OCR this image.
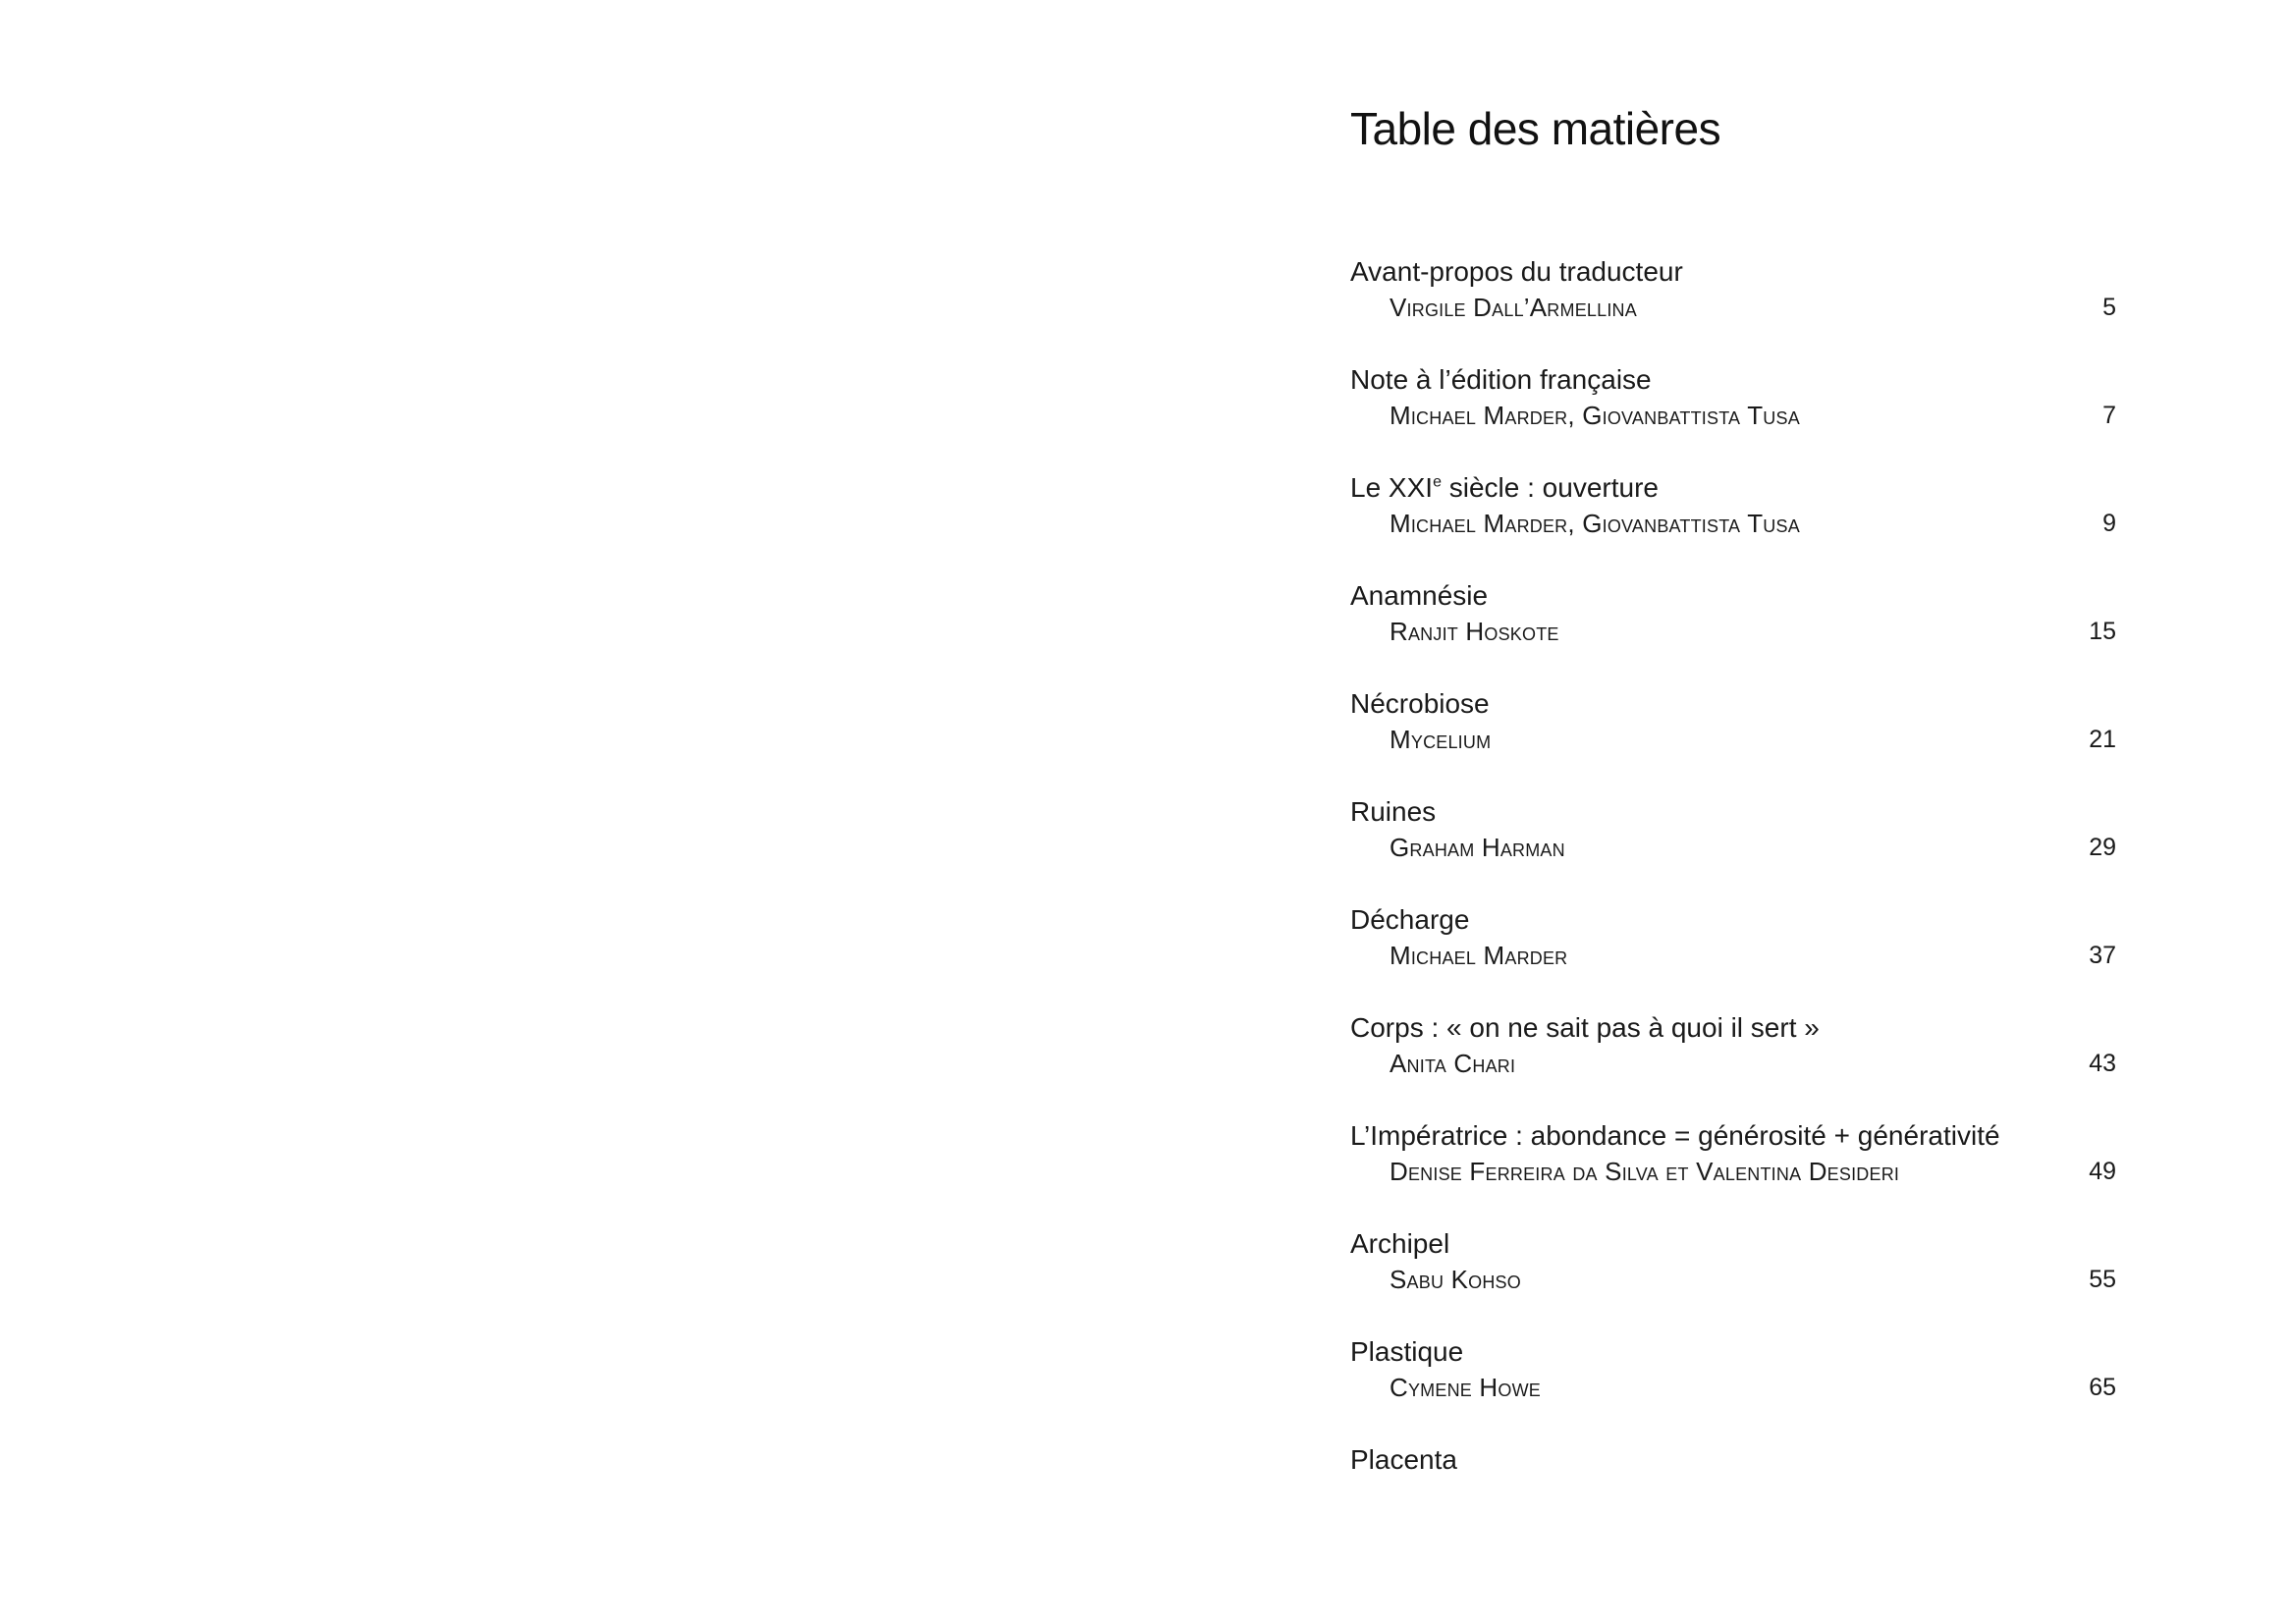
Table des matières
Avant-propos du traducteur
Virgile Dall’Armellina	5
Note à l’édition française
Michael Marder, Giovanbattista Tusa	7
Le XXIe siècle : ouverture
Michael Marder, Giovanbattista Tusa	9
Anamnésie
Ranjit Hoskote	15
Nécrobiose
Mycelium	21
Ruines
Graham Harman	29
Décharge
Michael Marder	37
Corps : « on ne sait pas à quoi il sert »
Anita Chari	43
L’Impératrice : abondance = générosité + générativité
Denise Ferreira da Silva et Valentina Desideri	49
Archipel
Sabu Kohso	55
Plastique
Cymene Howe	65
Placenta
